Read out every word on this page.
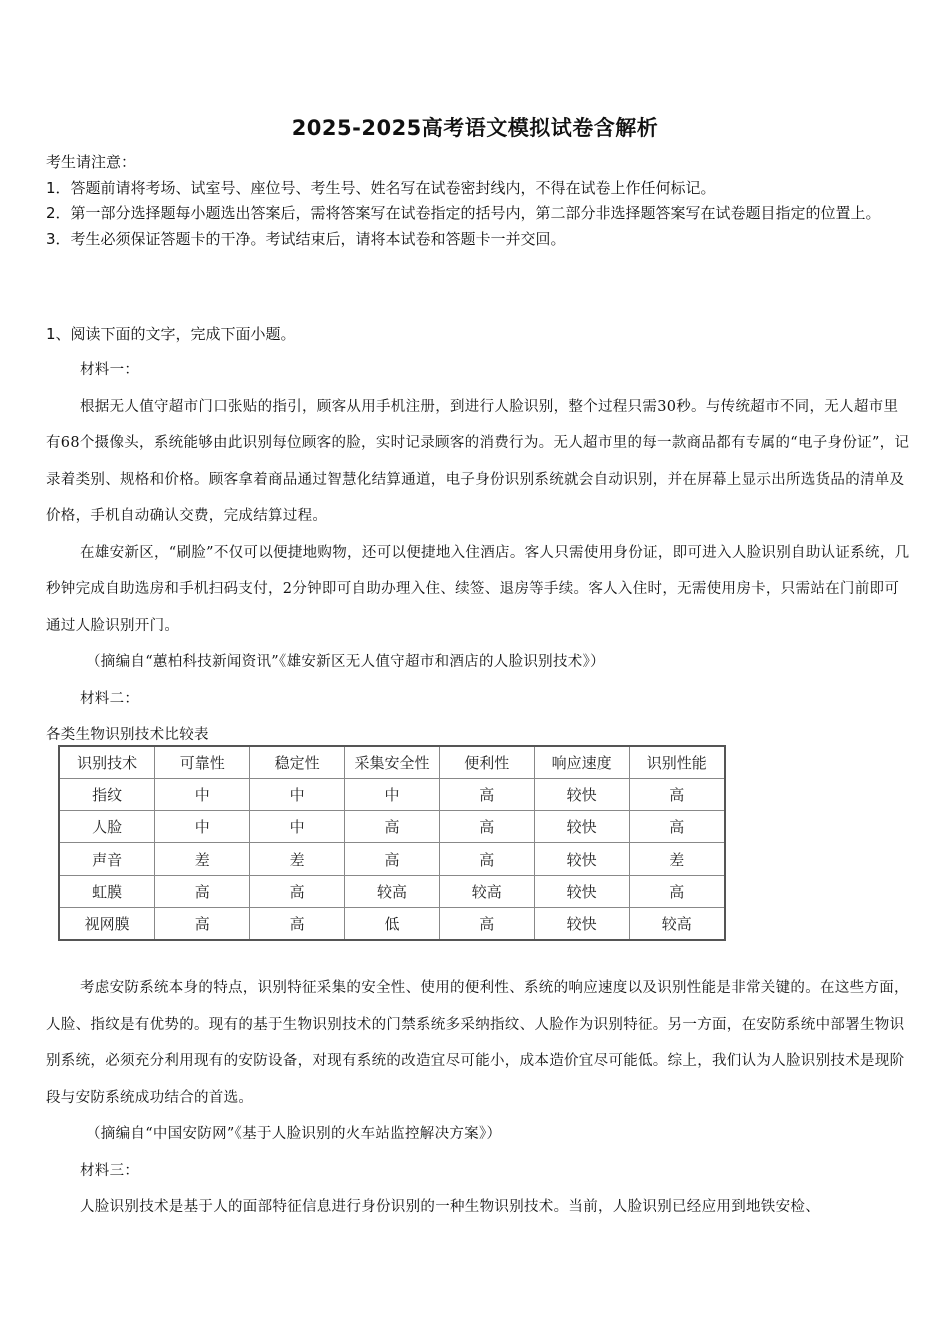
2025-2025高考语文模拟试卷含解析

考生请注意：

1．答题前请将考场、试室号、座位号、考生号、姓名写在试卷密封线内，不得在试卷上作任何标记。

2．第一部分选择题每小题选出答案后，需将答案写在试卷指定的括号内，第二部分非选择题答案写在试卷题目指定的位置上。

3．考生必须保证答题卡的干净。考试结束后，请将本试卷和答题卡一并交回。

1、阅读下面的文字，完成下面小题。

材料一：

根据无人值守超市门口张贴的指引，顾客从用手机注册，到进行人脸识别，整个过程只需30秒。与传统超市不同，无人超市里有68个摄像头，系统能够由此识别每位顾客的脸，实时记录顾客的消费行为。无人超市里的每一款商品都有专属的“电子身份证”，记录着类别、规格和价格。顾客拿着商品通过智慧化结算通道，电子身份识别系统就会自动识别，并在屏幕上显示出所选货品的清单及价格，手机自动确认交费，完成结算过程。

在雄安新区，“刷脸”不仅可以便捷地购物，还可以便捷地入住酒店。客人只需使用身份证，即可进入人脸识别自助认证系统，几秒钟完成自助选房和手机扫码支付，2分钟即可自助办理入住、续签、退房等手续。客人入住时，无需使用房卡，只需站在门前即可通过人脸识别开门。

（摘编自“蕙柏科技新闻资讯”《雄安新区无人值守超市和酒店的人脸识别技术》）

材料二：

各类生物识别技术比较表

识别技术	可靠性	稳定性	采集安全性	便利性	响应速度	识别性能
指纹	中	中	中	高	较快	高
人脸	中	中	高	高	较快	高
声音	差	差	高	高	较快	差
虹膜	高	高	较高	较高	较快	高
视网膜	高	高	低	高	较快	较高

考虑安防系统本身的特点，识别特征采集的安全性、使用的便利性、系统的响应速度以及识别性能是非常关键的。在这些方面，人脸、指纹是有优势的。现有的基于生物识别技术的门禁系统多采纳指纹、人脸作为识别特征。另一方面，在安防系统中部署生物识别系统，必须充分利用现有的安防设备，对现有系统的改造宜尽可能小，成本造价宜尽可能低。综上，我们认为人脸识别技术是现阶段与安防系统成功结合的首选。

（摘编自“中国安防网”《基于人脸识别的火车站监控解决方案》）

材料三：

人脸识别技术是基于人的面部特征信息进行身份识别的一种生物识别技术。当前，人脸识别已经应用到地铁安检、
